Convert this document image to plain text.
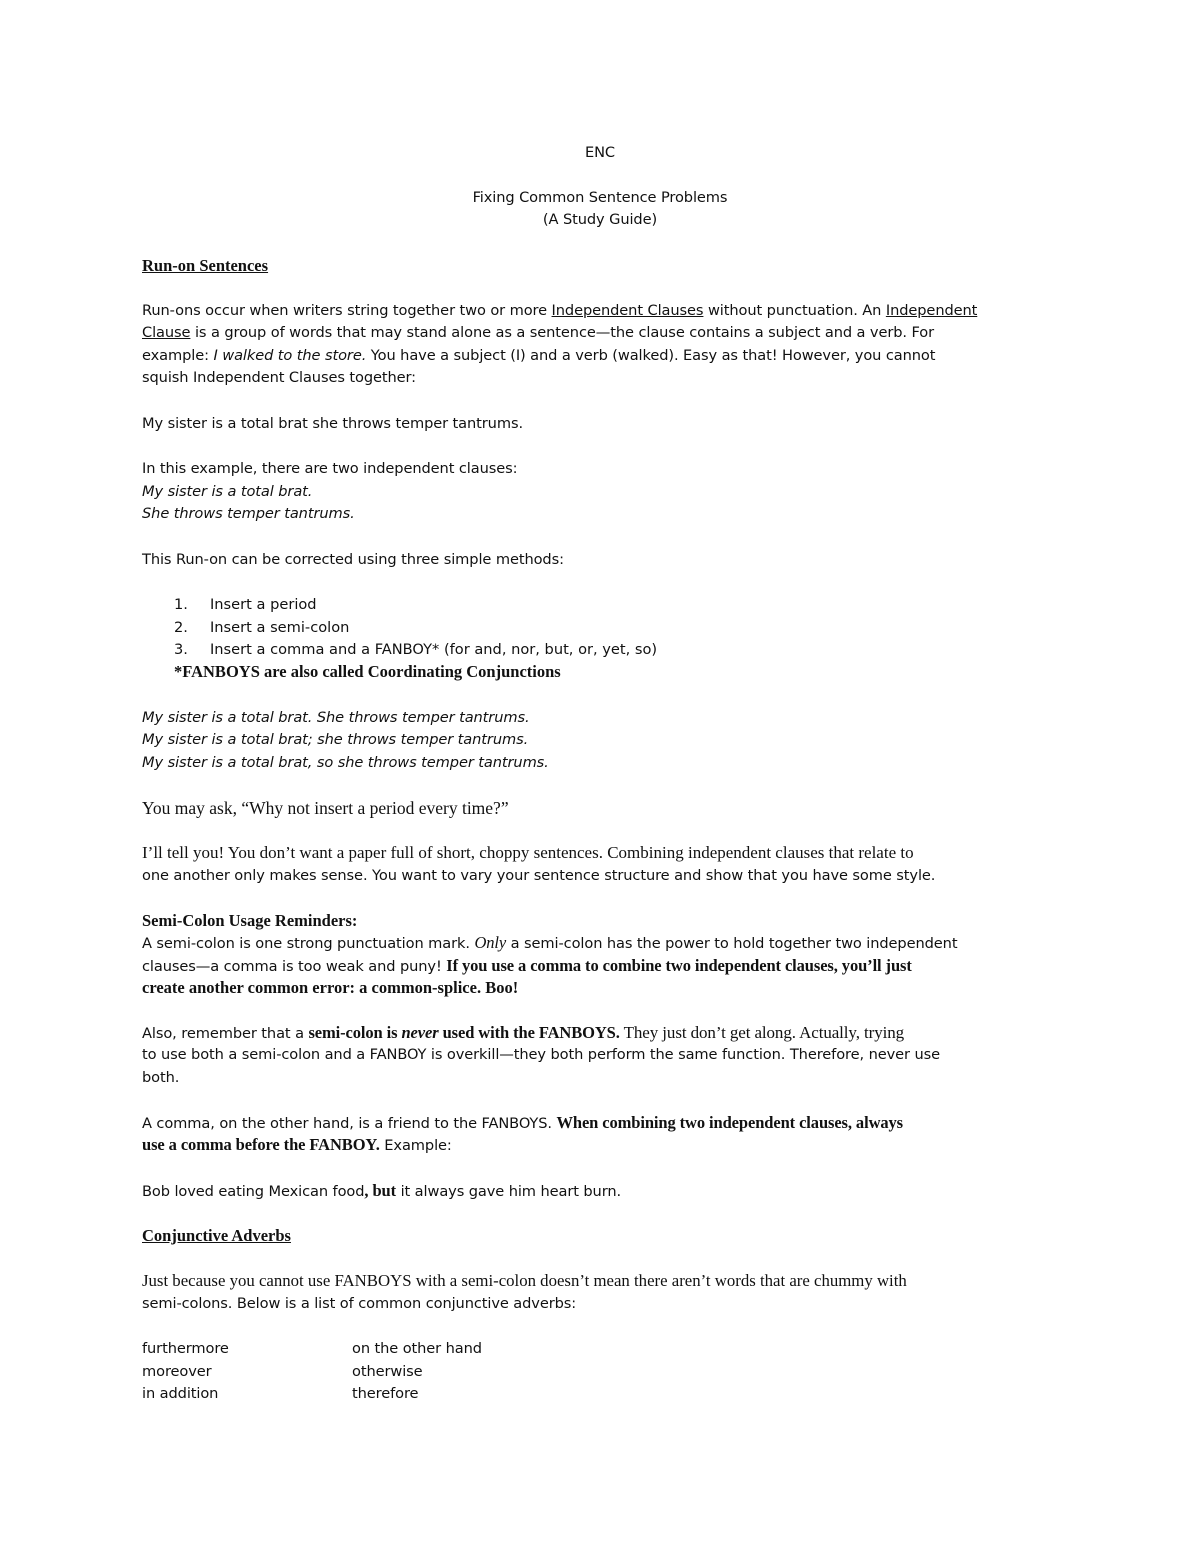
ENC

Fixing Common Sentence Problems

(A Study Guide)

Run-on Sentences

Run-ons occur when writers string together two or more Independent Clauses without punctuation. An Independent

Clause is a group of words that may stand alone as a sentence—the clause contains a subject and a verb. For

example: I walked to the store. You have a subject (I) and a verb (walked). Easy as that! However, you cannot

squish Independent Clauses together:

My sister is a total brat she throws temper tantrums.

In this example, there are two independent clauses:

My sister is a total brat.

She throws temper tantrums.

This Run-on can be corrected using three simple methods:

1. Insert a period
2. Insert a semi-colon
3. Insert a comma and a FANBOY* (for and, nor, but, or, yet, so)

*FANBOYS are also called Coordinating Conjunctions

My sister is a total brat. She throws temper tantrums.

My sister is a total brat; she throws temper tantrums.

My sister is a total brat, so she throws temper tantrums.

You may ask, “Why not insert a period every time?”

I’ll tell you! You don’t want a paper full of short, choppy sentences. Combining independent clauses that relate to

one another only makes sense. You want to vary your sentence structure and show that you have some style.

Semi-Colon Usage Reminders:

A semi-colon is one strong punctuation mark. Only a semi-colon has the power to hold together two independent

clauses—a comma is too weak and puny! If you use a comma to combine two independent clauses, you’ll just

create another common error: a common-splice. Boo!

Also, remember that a semi-colon is never used with the FANBOYS. They just don’t get along. Actually, trying

to use both a semi-colon and a FANBOY is overkill—they both perform the same function. Therefore, never use

both.

A comma, on the other hand, is a friend to the FANBOYS. When combining two independent clauses, always

use a comma before the FANBOY. Example:

Bob loved eating Mexican food, but it always gave him heart burn.

Conjunctive Adverbs

Just because you cannot use FANBOYS with a semi-colon doesn’t mean there aren’t words that are chummy with

semi-colons. Below is a list of common conjunctive adverbs:

furthermore
moreover
in addition
on the other hand
otherwise
therefore
